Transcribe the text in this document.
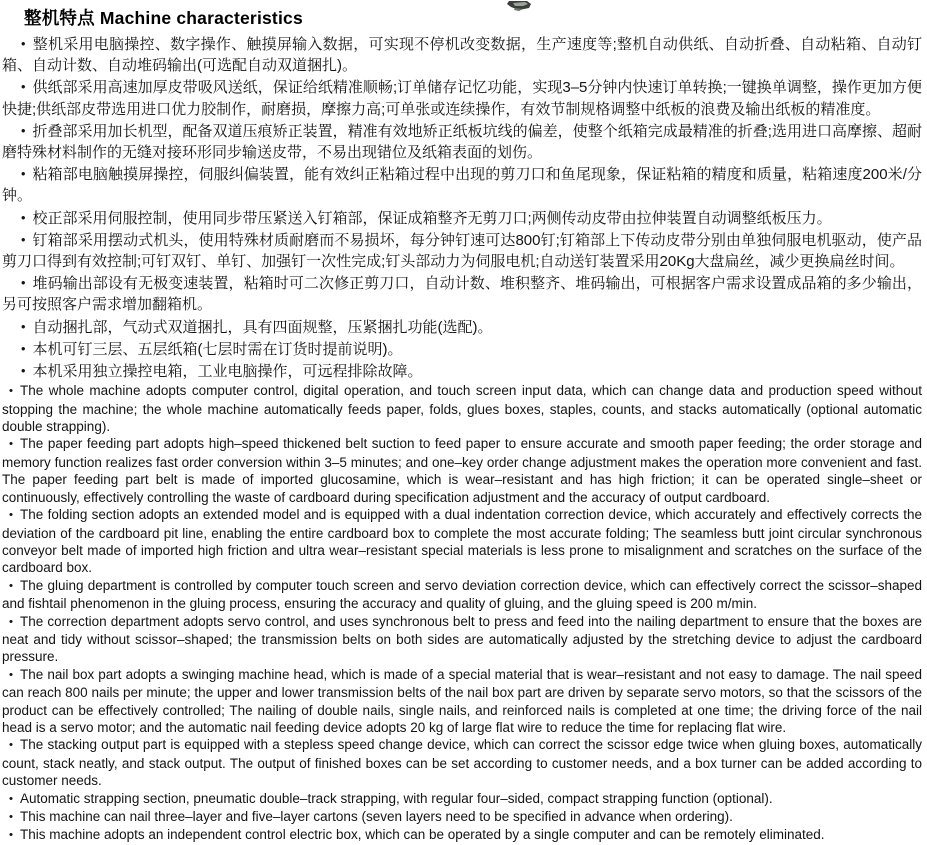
整机特点 Machine characteristics

• 整机采用电脑操控、数字操作、触摸屏输入数据，可实现不停机改变数据，生产速度等;整机自动供纸、自动折叠、自动粘箱、自动钉箱、自动计数、自动堆码输出(可选配自动双道捆扎)。

• 供纸部采用高速加厚皮带吸风送纸，保证给纸精准顺畅;订单储存记忆功能，实现3–5分钟内快速订单转换;一键换单调整，操作更加方便快捷;供纸部皮带选用进口优力胶制作，耐磨损，摩擦力高;可单张或连续操作，有效节制规格调整中纸板的浪费及输出纸板的精准度。

• 折叠部采用加长机型，配备双道压痕矫正装置，精准有效地矫正纸板坑线的偏差，使整个纸箱完成最精准的折叠;选用进口高摩擦、超耐磨特殊材料制作的无缝对接环形同步输送皮带，不易出现错位及纸箱表面的划伤。

• 粘箱部电脑触摸屏操控，伺服纠偏装置，能有效纠正粘箱过程中出现的剪刀口和鱼尾现象，保证粘箱的精度和质量，粘箱速度200米/分钟。

• 校正部采用伺服控制，使用同步带压紧送入钉箱部，保证成箱整齐无剪刀口;两侧传动皮带由拉伸装置自动调整纸板压力。

• 钉箱部采用摆动式机头，使用特殊材质耐磨而不易损坏，每分钟钉速可达800钉;钉箱部上下传动皮带分别由单独伺服电机驱动，使产品剪刀口得到有效控制;可钉双钉、单钉、加强钉一次性完成;钉头部动力为伺服电机;自动送钉装置采用20Kg大盘扁丝，减少更换扁丝时间。

• 堆码输出部设有无极变速装置，粘箱时可二次修正剪刀口，自动计数、堆积整齐、堆码输出，可根据客户需求设置成品箱的多少输出，另可按照客户需求增加翻箱机。

• 自动捆扎部，气动式双道捆扎，具有四面规整，压紧捆扎功能(选配)。

• 本机可钉三层、五层纸箱(七层时需在订货时提前说明)。

• 本机采用独立操控电箱，工业电脑操作，可远程排除故障。

• The whole machine adopts computer control, digital operation, and touch screen input data, which can change data and production speed without stopping the machine; the whole machine automatically feeds paper, folds, glues boxes, staples, counts, and stacks automatically (optional automatic double strapping).

• The paper feeding part adopts high–speed thickened belt suction to feed paper to ensure accurate and smooth paper feeding; the order storage and memory function realizes fast order conversion within 3–5 minutes; and one–key order change adjustment makes the operation more convenient and fast. The paper feeding part belt is made of imported glucosamine, which is wear–resistant and has high friction; it can be operated single–sheet or continuously, effectively controlling the waste of cardboard during specification adjustment and the accuracy of output cardboard.

• The folding section adopts an extended model and is equipped with a dual indentation correction device, which accurately and effectively corrects the deviation of the cardboard pit line, enabling the entire cardboard box to complete the most accurate folding; The seamless butt joint circular synchronous conveyor belt made of imported high friction and ultra wear–resistant special materials is less prone to misalignment and scratches on the surface of the cardboard box.

• The gluing department is controlled by computer touch screen and servo deviation correction device, which can effectively correct the scissor–shaped and fishtail phenomenon in the gluing process, ensuring the accuracy and quality of gluing, and the gluing speed is 200 m/min.

• The correction department adopts servo control, and uses synchronous belt to press and feed into the nailing department to ensure that the boxes are neat and tidy without scissor–shaped; the transmission belts on both sides are automatically adjusted by the stretching device to adjust the cardboard pressure.

• The nail box part adopts a swinging machine head, which is made of a special material that is wear–resistant and not easy to damage. The nail speed can reach 800 nails per minute; the upper and lower transmission belts of the nail box part are driven by separate servo motors, so that the scissors of the product can be effectively controlled; The nailing of double nails, single nails, and reinforced nails is completed at one time; the driving force of the nail head is a servo motor; and the automatic nail feeding device adopts 20 kg of large flat wire to reduce the time for replacing flat wire.

• The stacking output part is equipped with a stepless speed change device, which can correct the scissor edge twice when gluing boxes, automatically count, stack neatly, and stack output. The output of finished boxes can be set according to customer needs, and a box turner can be added according to customer needs.

• Automatic strapping section, pneumatic double–track strapping, with regular four–sided, compact strapping function (optional).

• This machine can nail three–layer and five–layer cartons (seven layers need to be specified in advance when ordering).

• This machine adopts an independent control electric box, which can be operated by a single computer and can be remotely eliminated.
